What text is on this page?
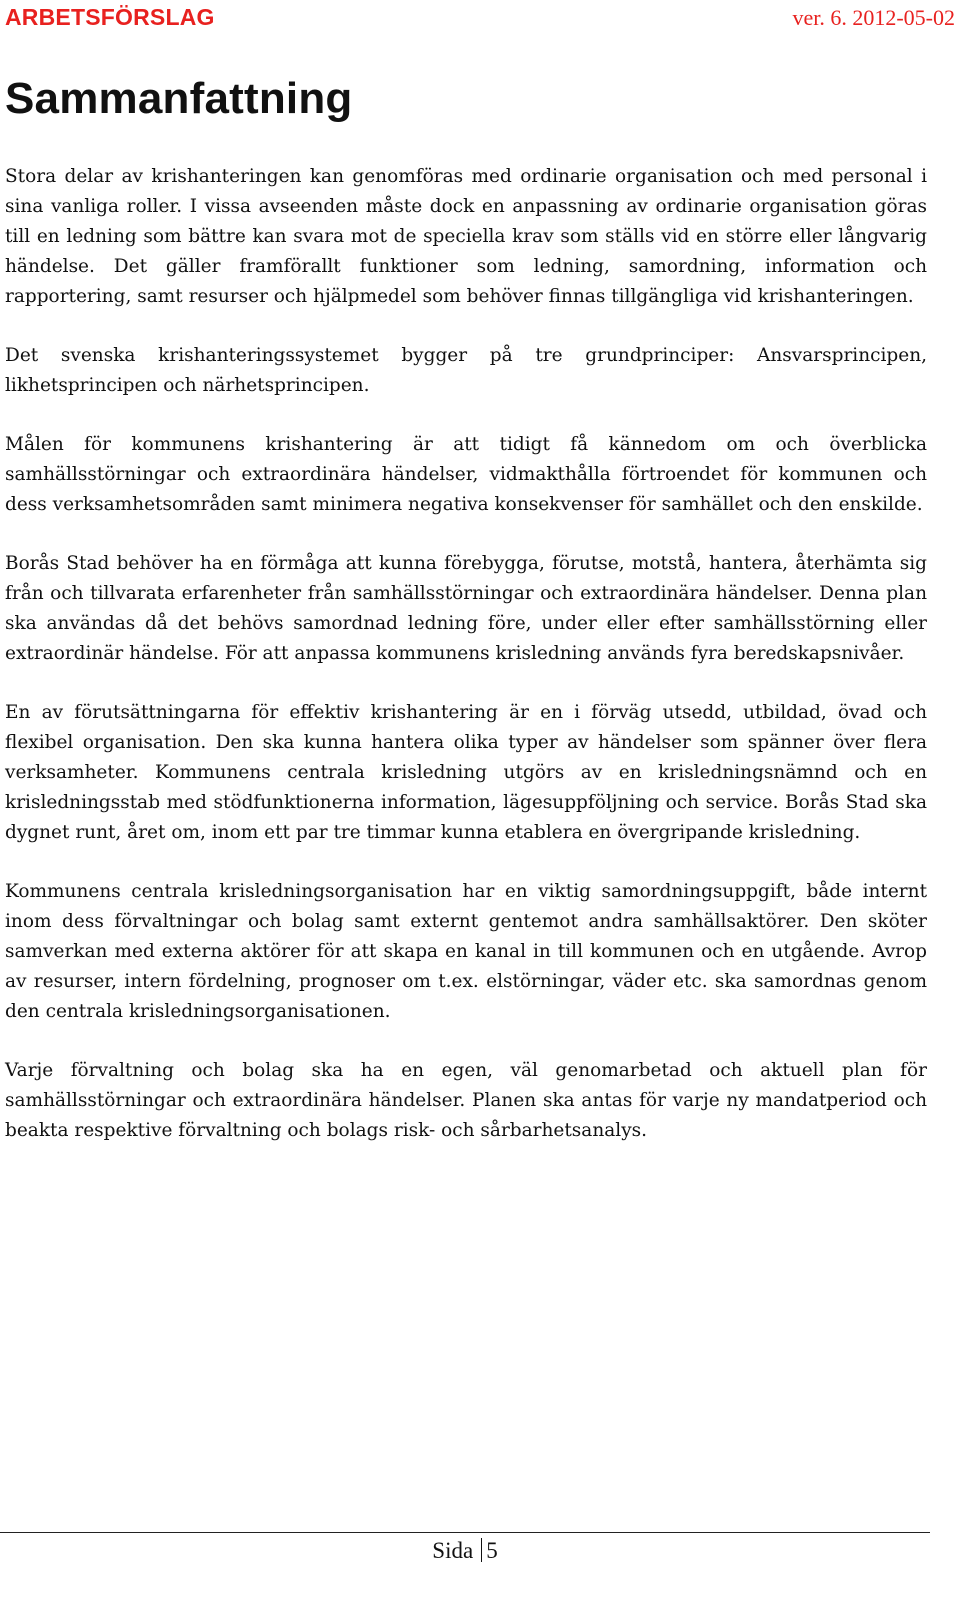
ARBETSFÖRSLAG	ver. 6. 2012-05-02
Sammanfattning

Stora delar av krishanteringen kan genomföras med ordinarie organisation och med personal i sina vanliga roller. I vissa avseenden måste dock en anpassning av ordinarie organisation göras till en ledning som bättre kan svara mot de speciella krav som ställs vid en större eller långvarig händelse. Det gäller framförallt funktioner som ledning, samordning, information och rapportering, samt resurser och hjälpmedel som behöver finnas tillgängliga vid krishanteringen.

Det svenska krishanteringssystemet bygger på tre grundprinciper: Ansvarsprincipen, likhetsprincipen och närhetsprincipen.

Målen för kommunens krishantering är att tidigt få kännedom om och överblicka samhällsstörningar och extraordinära händelser, vidmakthålla förtroendet för kommunen och dess verksamhetsområden samt minimera negativa konsekvenser för samhället och den enskilde.

Borås Stad behöver ha en förmåga att kunna förebygga, förutse, motstå, hantera, återhämta sig från och tillvarata erfarenheter från samhällsstörningar och extraordinära händelser. Denna plan ska användas då det behövs samordnad ledning före, under eller efter samhällsstörning eller extraordinär händelse. För att anpassa kommunens krisledning används fyra beredskapsnivåer.

En av förutsättningarna för effektiv krishantering är en i förväg utsedd, utbildad, övad och flexibel organisation. Den ska kunna hantera olika typer av händelser som spänner över flera verksamheter. Kommunens centrala krisledning utgörs av en krisledningsnämnd och en krisledningsstab med stödfunktionerna information, lägesuppföljning och service. Borås Stad ska dygnet runt, året om, inom ett par tre timmar kunna etablera en övergripande krisledning.

Kommunens centrala krisledningsorganisation har en viktig samordningsuppgift, både internt inom dess förvaltningar och bolag samt externt gentemot andra samhällsaktörer. Den sköter samverkan med externa aktörer för att skapa en kanal in till kommunen och en utgående. Avrop av resurser, intern fördelning, prognoser om t.ex. elstörningar, väder etc. ska samordnas genom den centrala krisledningsorganisationen.

Varje förvaltning och bolag ska ha en egen, väl genomarbetad och aktuell plan för samhällsstörningar och extraordinära händelser. Planen ska antas för varje ny mandatperiod och beakta respektive förvaltning och bolags risk- och sårbarhetsanalys.

Sida 5
